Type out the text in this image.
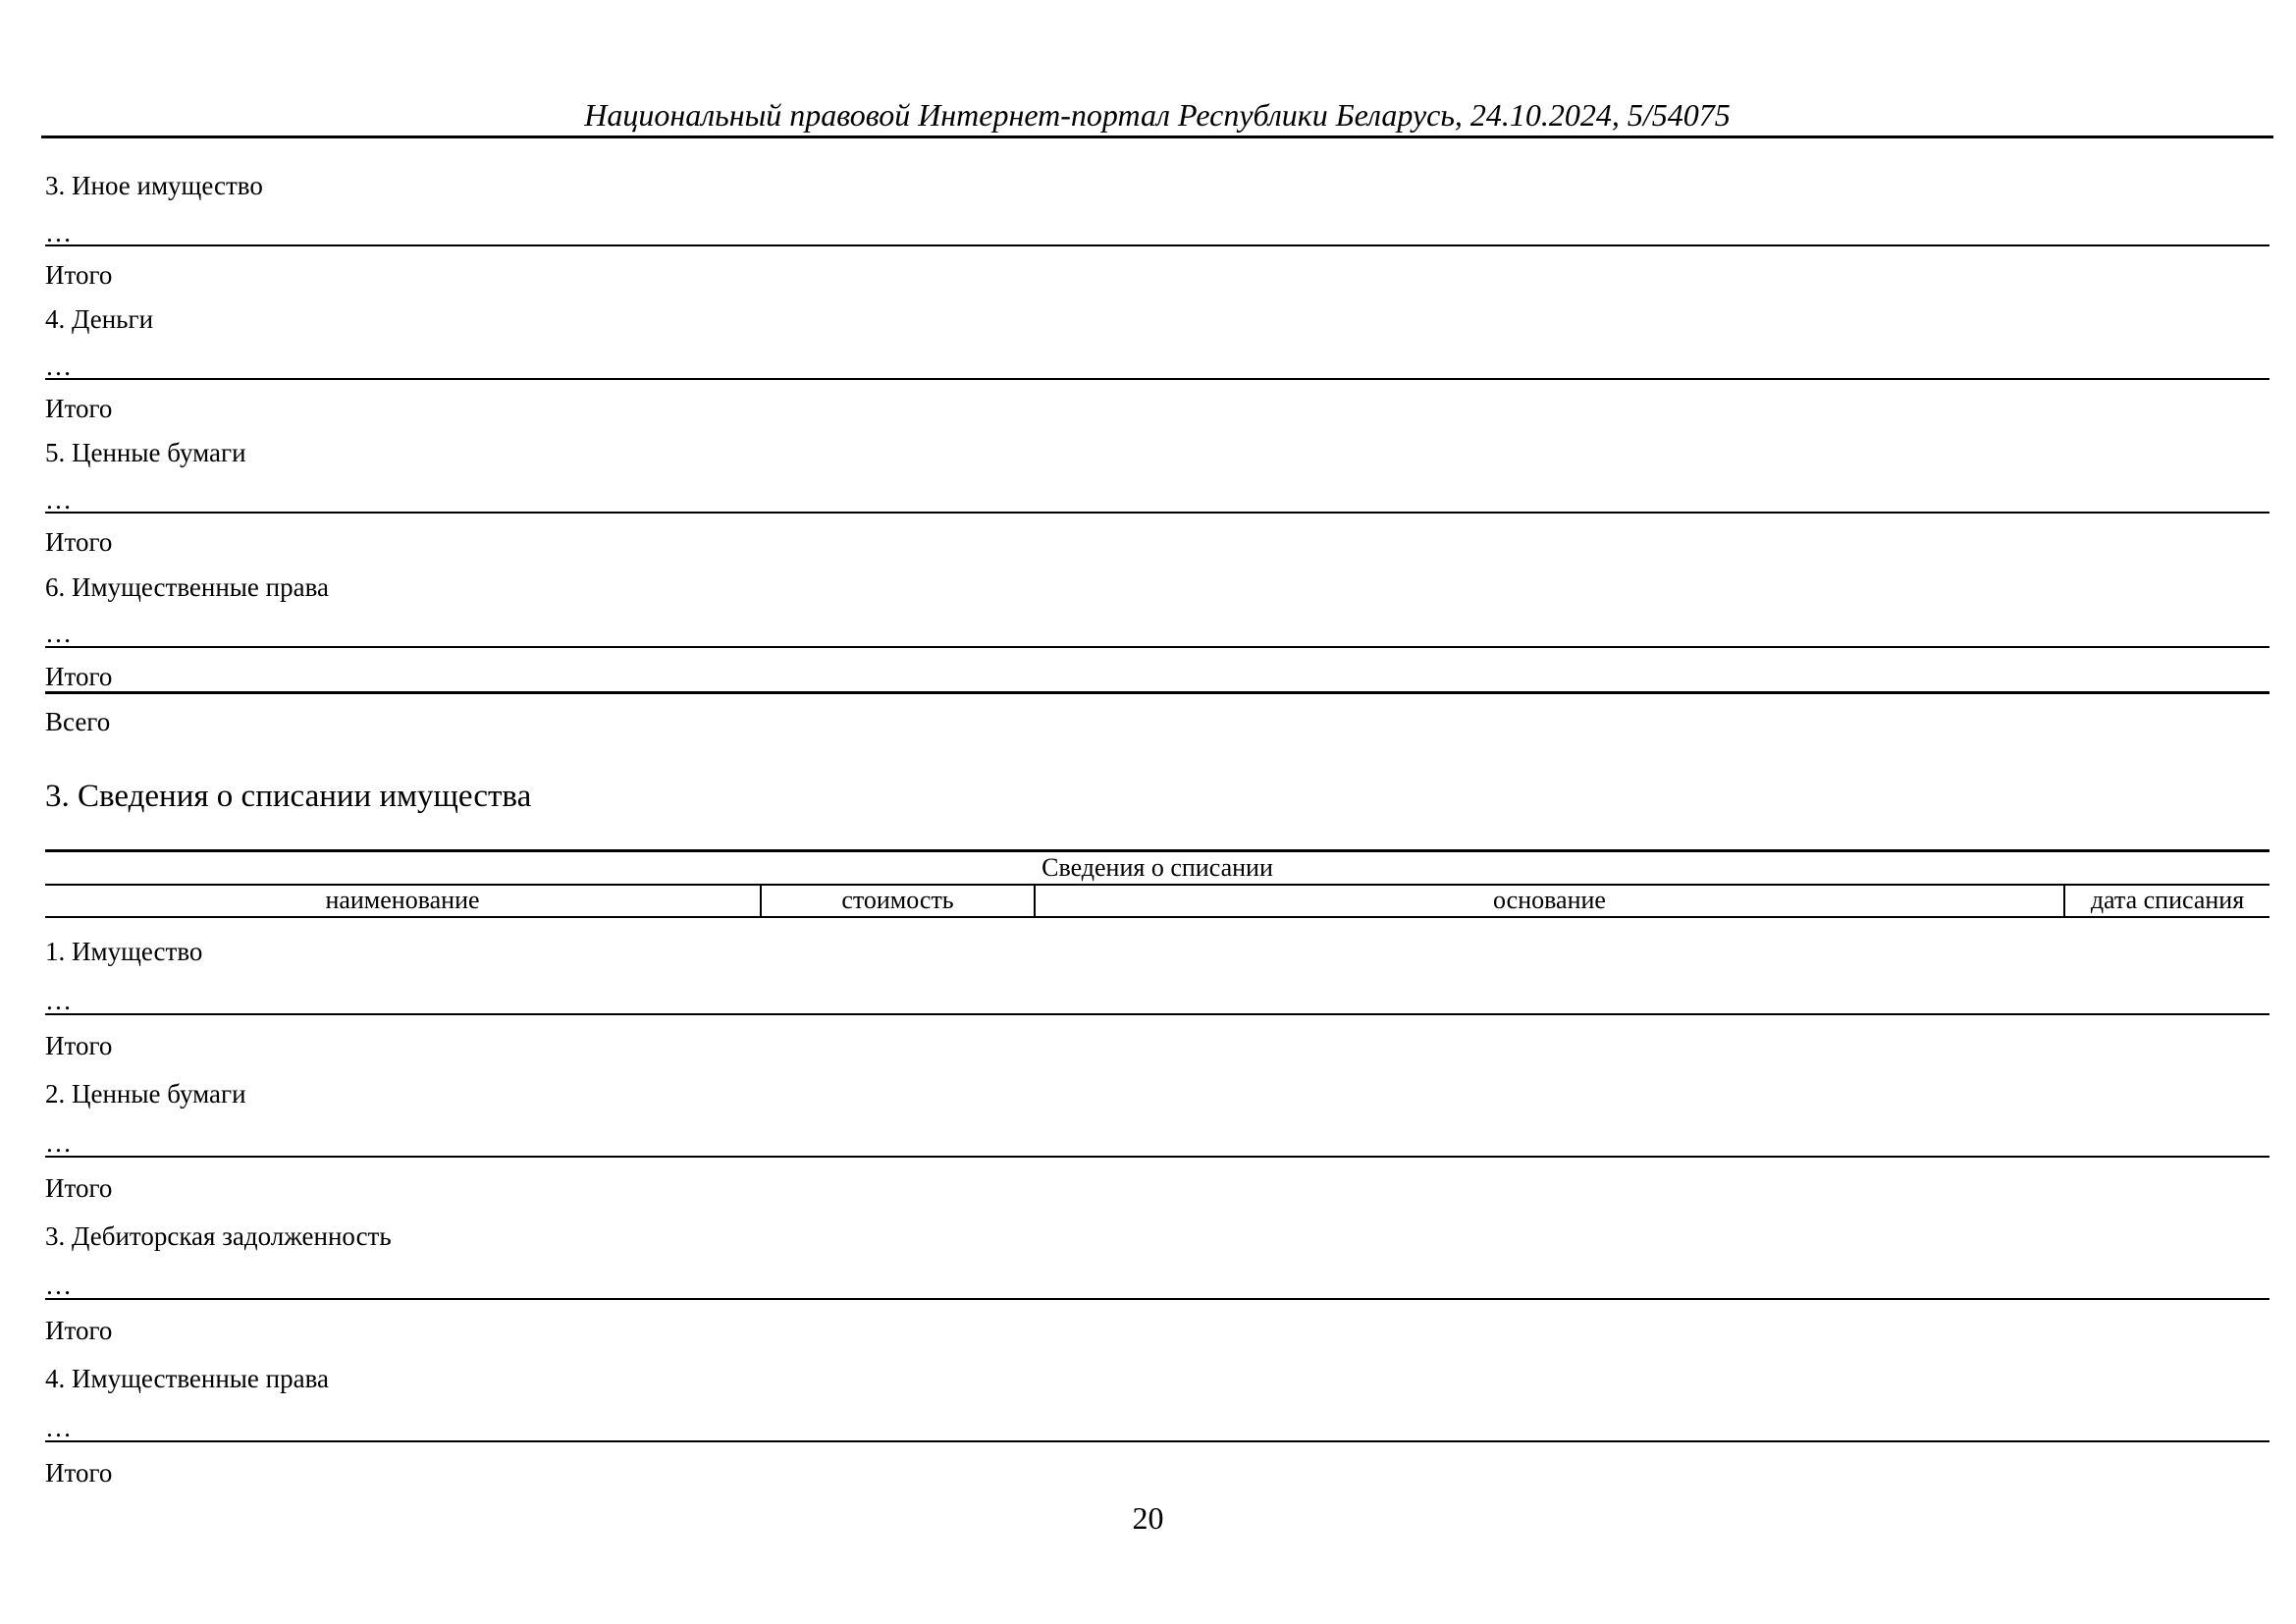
Национальный правовой Интернет-портал Республики Беларусь, 24.10.2024, 5/54075
3. Иное имущество
…
Итого
4. Деньги
…
Итого
5. Ценные бумаги
…
Итого
6. Имущественные права
…
Итого
Всего
3. Сведения о списании имущества
Сведения о списании
наименование	стоимость	основание	дата списания
1. Имущество
…
Итого
2. Ценные бумаги
…
Итого
3. Дебиторская задолженность
…
Итого
4. Имущественные права
…
Итого
20
